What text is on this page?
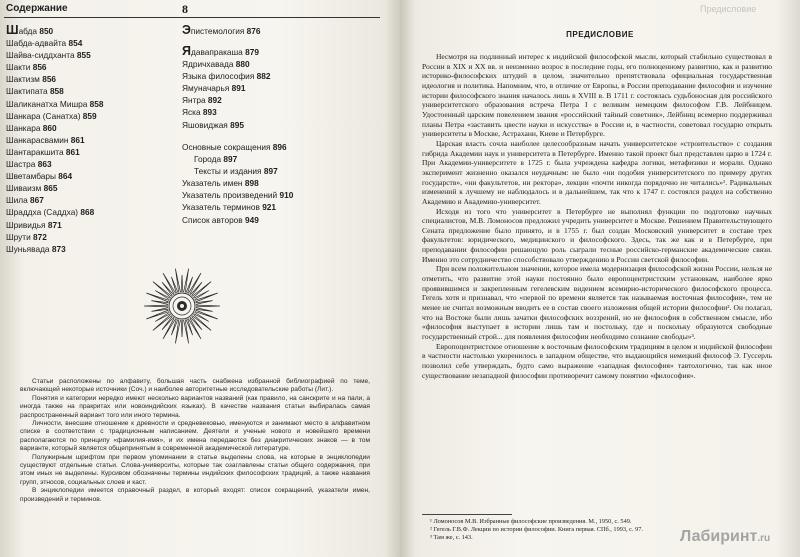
Содержание	8
Шабда 850
Шабда-адвайта 854
Шайва-сиддханта 855
Шакти 856
Шактизм 856
Шактипата 858
Шаликанатха Мишра 858
Шанкара (Санатха) 859
Шанкара 860
Шанкарасвамин 861
Шантаракшита 861
Шастра 863
Шветамбары 864
Шиваизм 865
Шила 867
Шраддха (Саддха) 868
Шривидья 871
Шрути 872
Шуньявада 873
Эпистемология 876
Ядавапракаша 879
Ядричхавада 880
Языка философия 882
Ямуначарья 891
Янтра 892
Яска 893
Яшовиджая 895
Основные сокращения 896
Города 897
Тексты и издания 897
Указатель имен 898
Указатель произведений 910
Указатель терминов 921
Список авторов 949

Статьи расположены по алфавиту, большая часть снабжена избранной библиографией по теме, включающей некоторые источники (Соч.) и наиболее авторитетные исследовательские работы (Лит.).

Понятия и категории нередко имеют несколько вариантов названий (как правило, на санскрите и на пали, а иногда также на пракритах или новоиндийских языках). В качестве названия статьи выбиралась самая распространенный вариант того или иного термина.

Личности, внесшие отношение к древности и средневековью, именуются и занимают место в алфавитном списке в соответствии с традиционным написанием. Деятели и ученые нового и новейшего времени располагаются по принципу «фамилия-имя», и их имена передаются без диакритических знаков — в том варианте, который является общепринятым в современной академической литературе.

Полужирным шрифтом при первом упоминании в статье выделены слова, на которые в энциклопедии существуют отдельные статьи. Слова-университы, которые так озаглавлены статьи общего содержания, при этом иных не выделены. Курсивом обозначены термины индийских философских традиций, а также названия групп, этносов, социальных слоев и каст.

В энциклопедии имеется справочный раздел, в который входят: список сокращений, указатели имен, произведений и терминов.

Предисловие
ПРЕДИСЛОВИЕ

Несмотря на подлинный интерес к индийской философской мысли, который стабильно существовал в России в XIX и XX вв. и неизменно возрос в последние годы, его полноценному развитию, как и развитию историко-философских штудий в целом, значительно препятствовала официальная государственная идеология и политика. Напомним, что, в отличие от Европы, в России преподавание философии и изучение истории философского знания началось лишь в XVIII в. В 1711 г. состоялась судьбоносная для российского университетского образования встреча Петра I с великим немецким философом Г.В. Лейбницем. Удостоенный царским повелением звания «российский тайный советник», Лейбниц всемерно поддерживал планы Петра «заставить цвести науки и искусства» в России и, в частности, советовал государю открыть университеты в Москве, Астрахани, Киеве и Петербурге.

Царская власть сочла наиболее целесообразным начать университетское «строительство» с создания гибрида Академии наук и университета в Петербурге. Именно такой проект был представлен царю в 1724 г. При Академии-университете в 1725 г. была учреждена кафедра логики, метафизики и морали. Однако эксперимент жизненно оказался неудачным: не было «ни подобия университетского по примеру других государств», «ни факультетов, ни ректора», лекции «почти никогда порядочно не читались»¹. Радикальных изменений к лучшему не наблюдалось и в дальнейшем, так что к 1747 г. состоялся раздел на собственно Академию и Академию-университет.

Исходя из того что университет в Петербурге не выполнял функции по подготовке научных специалистов, М.В. Ломоносов предложил учредить университет в Москве. Решением Правительствующего Сената предложение было принято, и в 1755 г. был создан Московский университет в составе трех факультетов: юридического, медицинского и философского. Здесь, так же как и в Петербурге, при преподавании философии решающую роль сыграли тесные российско-германские академические связи. Именно это сотрудничество способствовало утверждению в России светской философии.

При всем положительном значении, которое имела модернизация философской жизни России, нельзя не отметить, что развитие этой науки постоянно было европоцентристским установкам, наиболее ярко проявившимся и закрепленным гегелевским видением всемирно-исторического философского процесса. Гегель хотя и признавал, что «первой по времени является так называемая восточная философия», тем не менее не считал возможным вводить ее в состав своего изложения общей истории философии². Он полагал, что на Востоке были лишь зачатки философских воззрений, но не философия в собственном смысле, ибо «философия выступает в истории лишь там и постольку, где и поскольку образуются свободные государственный строй... для появления философии необходимо сознание свободы»³.

Европоцентристское отношение к восточным философским традициям в целом и индийской философии в частности настолько укоренилось в западном обществе, что выдающийся немецкий философ Э. Гуссерль позволил себе утверждать, будто само выражение «западная философия» тавтологично, так как иное существование незападной философии противоречит самому понятию «философия».

¹ Ломоносов М.В. Избранные философские произведения. М., 1950, с. 549.
² Гегель Г.В.Ф. Лекции по истории философии. Книга первая. СПб., 1993, с. 97.
³ Там же, с. 143.	Лабиринт.ru
